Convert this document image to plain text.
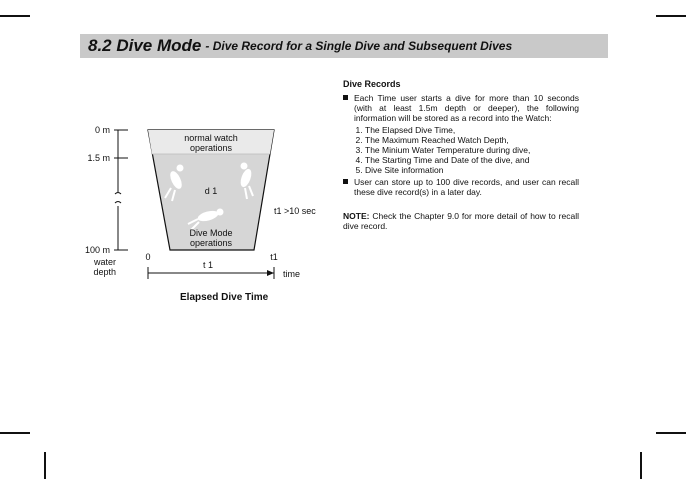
8.2 Dive Mode - Dive Record for a Single Dive and Subsequent Dives
0 m
1.5 m
100 m
water
depth
normal watch
operations
d 1
Dive Mode
operations
t1 >10 sec
0
t 1
t1
time
Elapsed Dive Time
Dive Records
Each Time user starts a dive for more than 10 seconds (with at least 1.5m depth or deeper), the following information will be stored as a record into the Watch:
1. The Elapsed Dive Time,
2. The Maximum Reached Watch Depth,
3. The Minium Water Temperature during dive,
4. The Starting Time and Date of the dive, and
5. Dive Site information
User can store up to 100 dive records, and user can recall these dive record(s) in a later day.
NOTE: Check the Chapter 9.0 for more detail of how to recall dive record.
